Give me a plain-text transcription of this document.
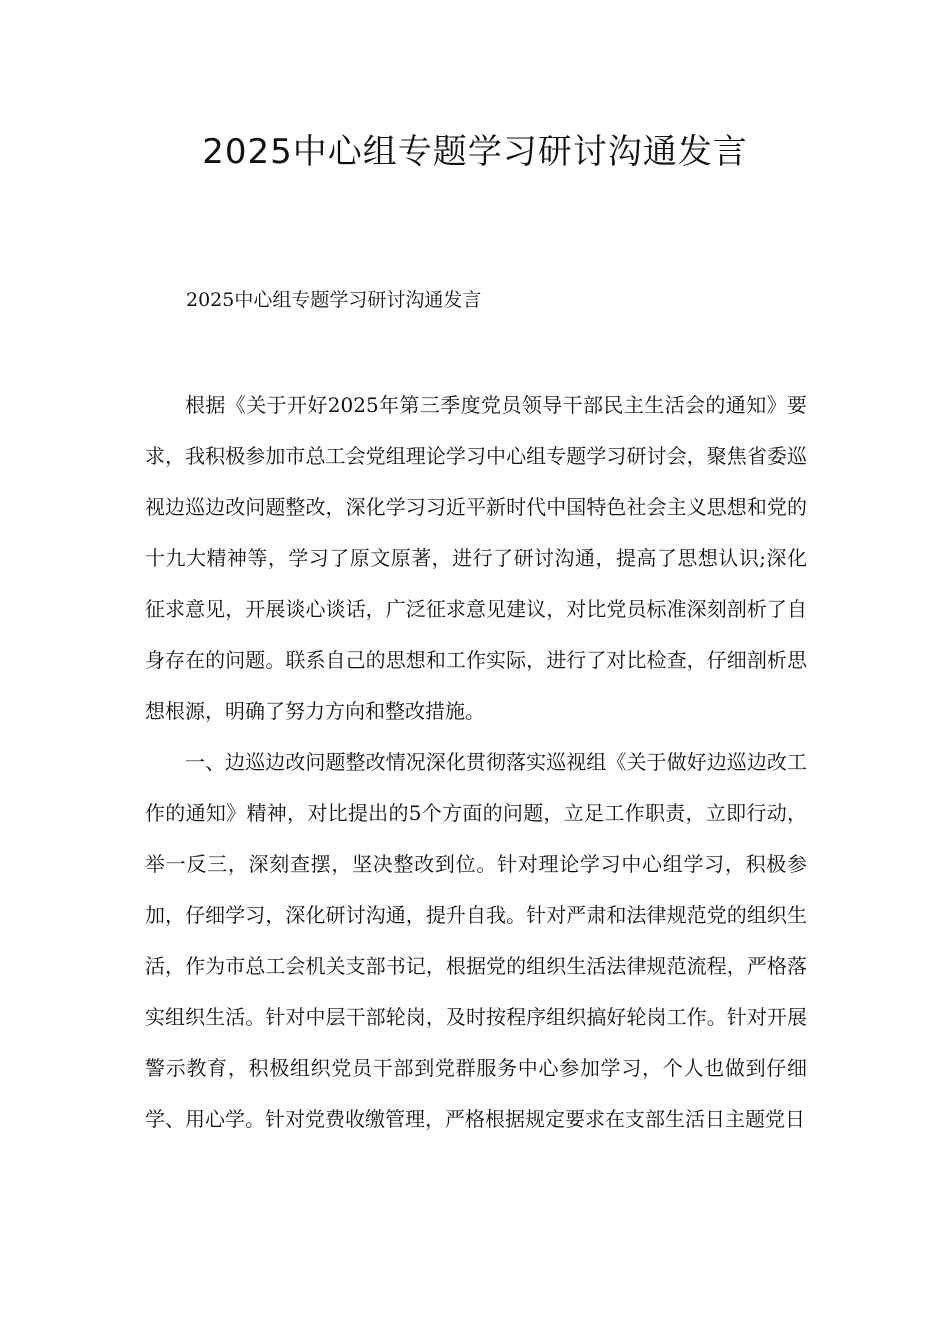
2025中心组专题学习研讨沟通发言
2025中心组专题学习研讨沟通发言

根据《关于开好2025年第三季度党员领导干部民主生活会的通知》要求，我积极参加市总工会党组理论学习中心组专题学习研讨会，聚焦省委巡视边巡边改问题整改，深化学习习近平新时代中国特色社会主义思想和党的十九大精神等，学习了原文原著，进行了研讨沟通，提高了思想认识;深化征求意见，开展谈心谈话，广泛征求意见建议，对比党员标准深刻剖析了自身存在的问题。联系自己的思想和工作实际，进行了对比检查，仔细剖析思想根源，明确了努力方向和整改措施。

一、边巡边改问题整改情况深化贯彻落实巡视组《关于做好边巡边改工作的通知》精神，对比提出的5个方面的问题，立足工作职责，立即行动，举一反三，深刻查摆，坚决整改到位。针对理论学习中心组学习，积极参加，仔细学习，深化研讨沟通，提升自我。针对严肃和法律规范党的组织生活，作为市总工会机关支部书记，根据党的组织生活法律规范流程，严格落实组织生活。针对中层干部轮岗，及时按程序组织搞好轮岗工作。针对开展警示教育，积极组织党员干部到党群服务中心参加学习，个人也做到仔细学、用心学。针对党费收缴管理，严格根据规定要求在支部生活日主题党日
